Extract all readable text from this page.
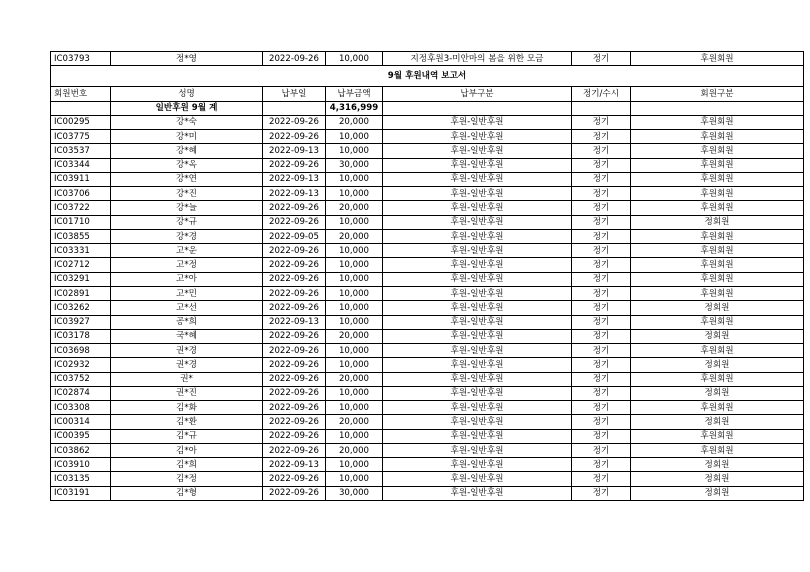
IC03793	정*영	2022-09-26	10,000	지정후원3-미안마의 봄을 위한 모금	정기	후원회원
9월 후원내역 보고서						
회원번호	성명	납부일	납부금액	납부구분	정기/수시	회원구분
	일반후원 9월 계		4,316,999			
IC00295	강*숙	2022-09-26	20,000	후원-일반후원	정기	후원회원
IC03775	강*미	2022-09-26	10,000	후원-일반후원	정기	후원회원
IC03537	강*혜	2022-09-13	10,000	후원-일반후원	정기	후원회원
IC03344	강*옥	2022-09-26	30,000	후원-일반후원	정기	후원회원
IC03911	강*연	2022-09-13	10,000	후원-일반후원	정기	후원회원
IC03706	강*진	2022-09-13	10,000	후원-일반후원	정기	후원회원
IC03722	강*늘	2022-09-26	20,000	후원-일반후원	정기	후원회원
IC01710	강*규	2022-09-26	10,000	후원-일반후원	정기	정회원
IC03855	강*경	2022-09-05	20,000	후원-일반후원	정기	후원회원
IC03331	고*운	2022-09-26	10,000	후원-일반후원	정기	후원회원
IC02712	고*정	2022-09-26	10,000	후원-일반후원	정기	후원회원
IC03291	고*아	2022-09-26	10,000	후원-일반후원	정기	후원회원
IC02891	고*민	2022-09-26	10,000	후원-일반후원	정기	후원회원
IC03262	고*선	2022-09-26	10,000	후원-일반후원	정기	정회원
IC03927	공*희	2022-09-13	10,000	후원-일반후원	정기	후원회원
IC03178	국*혜	2022-09-26	20,000	후원-일반후원	정기	정회원
IC03698	권*경	2022-09-26	10,000	후원-일반후원	정기	후원회원
IC02932	권*경	2022-09-26	10,000	후원-일반후원	정기	정회원
IC03752	권*	2022-09-26	20,000	후원-일반후원	정기	후원회원
IC02874	권*진	2022-09-26	10,000	후원-일반후원	정기	정회원
IC03308	김*화	2022-09-26	10,000	후원-일반후원	정기	후원회원
IC00314	김*환	2022-09-26	20,000	후원-일반후원	정기	정회원
IC00395	김*규	2022-09-26	10,000	후원-일반후원	정기	후원회원
IC03862	김*아	2022-09-26	20,000	후원-일반후원	정기	후원회원
IC03910	김*희	2022-09-13	10,000	후원-일반후원	정기	정회원
IC03135	김*정	2022-09-26	10,000	후원-일반후원	정기	정회원
IC03191	김*형	2022-09-26	30,000	후원-일반후원	정기	정회원
